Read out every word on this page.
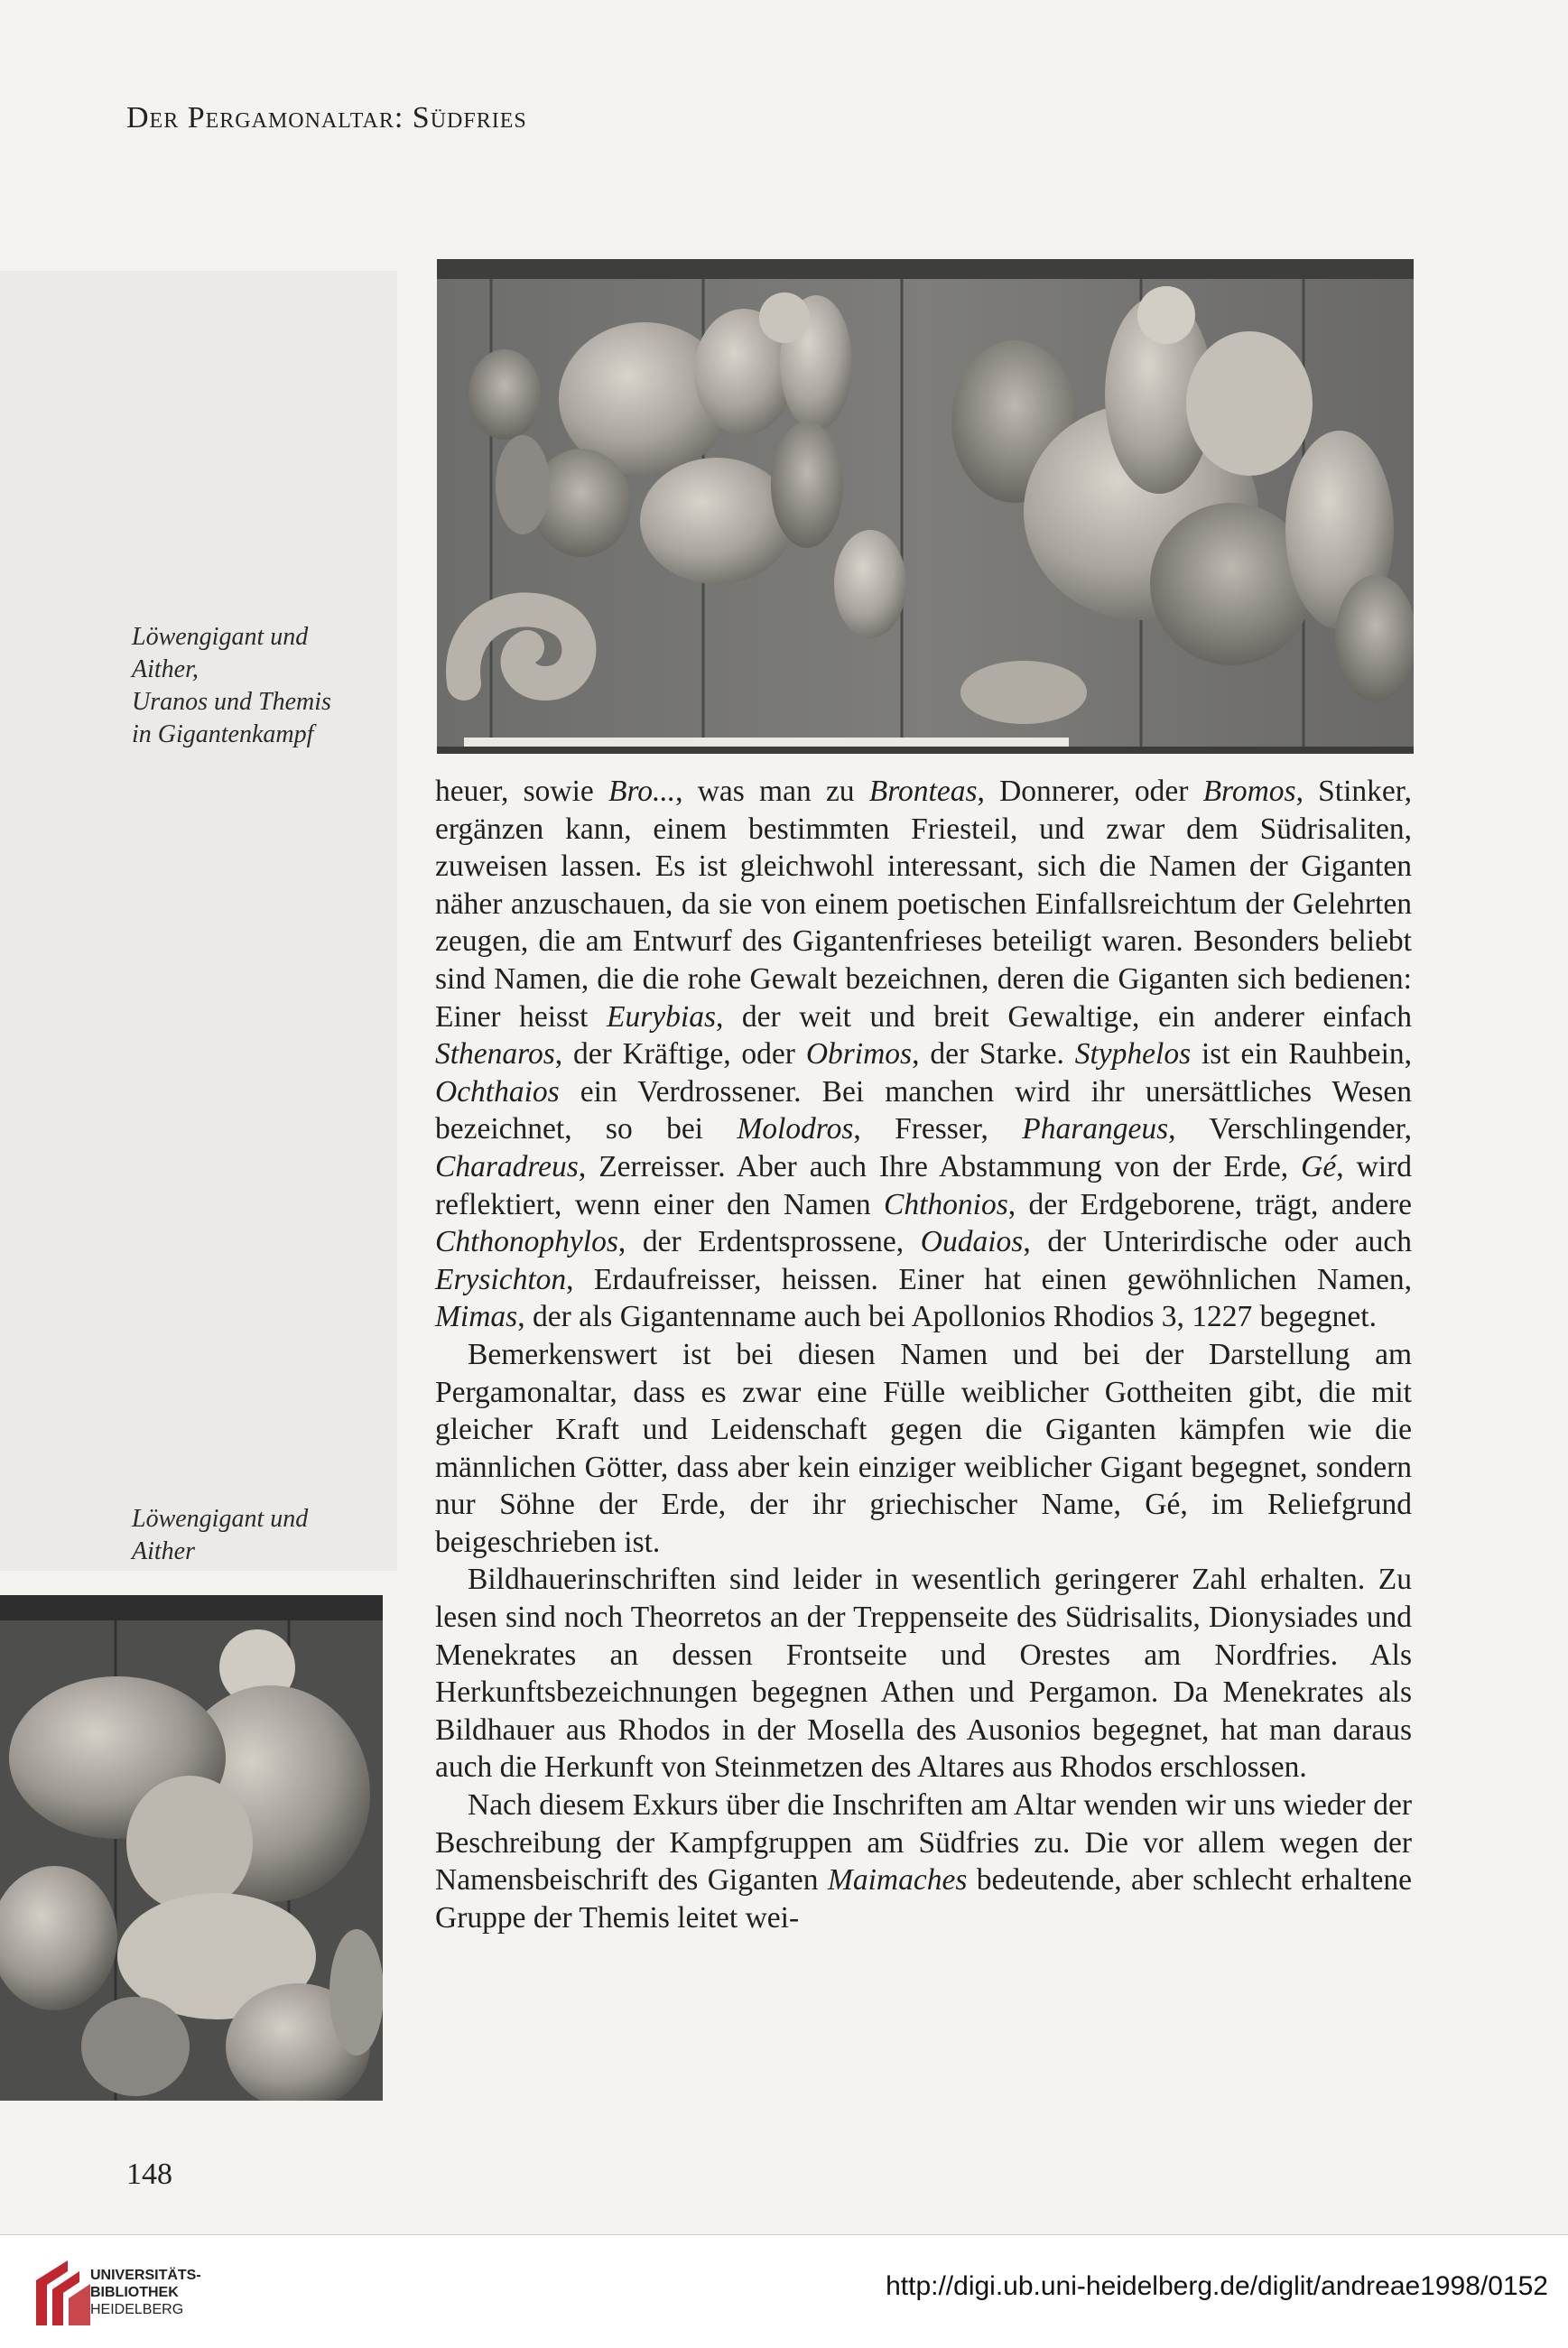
Der Pergamonaltar: Südfries
Löwengigant und
Aither,
Uranos und Themis
in Gigantenkampf
Löwengigant und
Aither

heuer, sowie Bro..., was man zu Bronteas, Donnerer, oder Bromos, Stinker, ergänzen kann, einem bestimmten Friesteil, und zwar dem Südrisaliten, zuweisen lassen. Es ist gleichwohl interessant, sich die Namen der Giganten näher anzuschauen, da sie von einem poetischen Einfallsreichtum der Gelehrten zeugen, die am Entwurf des Gigantenfrieses beteiligt waren. Besonders beliebt sind Namen, die die rohe Gewalt bezeichnen, deren die Giganten sich bedienen: Einer heisst Eurybias, der weit und breit Gewaltige, ein anderer einfach Sthenaros, der Kräftige, oder Obrimos, der Starke. Styphelos ist ein Rauhbein, Ochthaios ein Verdrossener. Bei manchen wird ihr unersättliches Wesen bezeichnet, so bei Molodros, Fresser, Pharangeus, Verschlingender, Charadreus, Zerreisser. Aber auch Ihre Abstammung von der Erde, Gé, wird reflektiert, wenn einer den Namen Chthonios, der Erdgeborene, trägt, andere Chthonophylos, der Erdentsprossene, Oudaios, der Unterirdische oder auch Erysichton, Erdaufreisser, heissen. Einer hat einen gewöhnlichen Namen, Mimas, der als Gigantenname auch bei Apollonios Rhodios 3, 1227 begegnet.

Bemerkenswert ist bei diesen Namen und bei der Darstellung am Pergamonaltar, dass es zwar eine Fülle weiblicher Gottheiten gibt, die mit gleicher Kraft und Leidenschaft gegen die Giganten kämpfen wie die männlichen Götter, dass aber kein einziger weiblicher Gigant begegnet, sondern nur Söhne der Erde, der ihr griechischer Name, Gé, im Reliefgrund beigeschrieben ist.

Bildhauerinschriften sind leider in wesentlich geringerer Zahl erhalten. Zu lesen sind noch Theorretos an der Treppenseite des Südrisalits, Dionysiades und Menekrates an dessen Frontseite und Orestes am Nordfries. Als Herkunftsbezeichnungen begegnen Athen und Pergamon. Da Menekrates als Bildhauer aus Rhodos in der Mosella des Ausonios begegnet, hat man daraus auch die Herkunft von Steinmetzen des Altares aus Rhodos erschlossen.

Nach diesem Exkurs über die Inschriften am Altar wenden wir uns wieder der Beschreibung der Kampfgruppen am Südfries zu. Die vor allem wegen der Namensbeischrift des Giganten Maimaches bedeutende, aber schlecht erhaltene Gruppe der Themis leitet wei-

148
UNIVERSITÄTS-
BIBLIOTHEK
HEIDELBERG
http://digi.ub.uni-heidelberg.de/diglit/andreae1998/0152
